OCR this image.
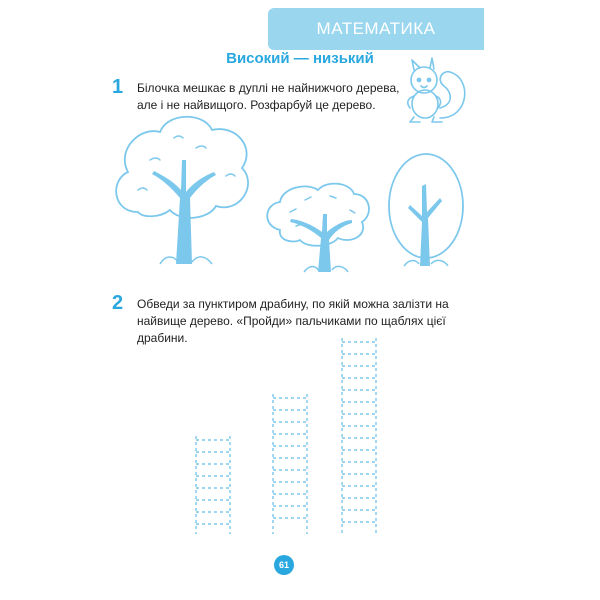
МАТЕМАТИКА
Високий — низький
1 Білочка мешкає в дуплі не найнижчого дерева,
але і не найвищого. Розфарбуй це дерево.
2 Обведи за пунктиром драбину, по якій можна залізти на
найвище дерево. «Пройди» пальчиками по щаблях цієї
драбини.
61
